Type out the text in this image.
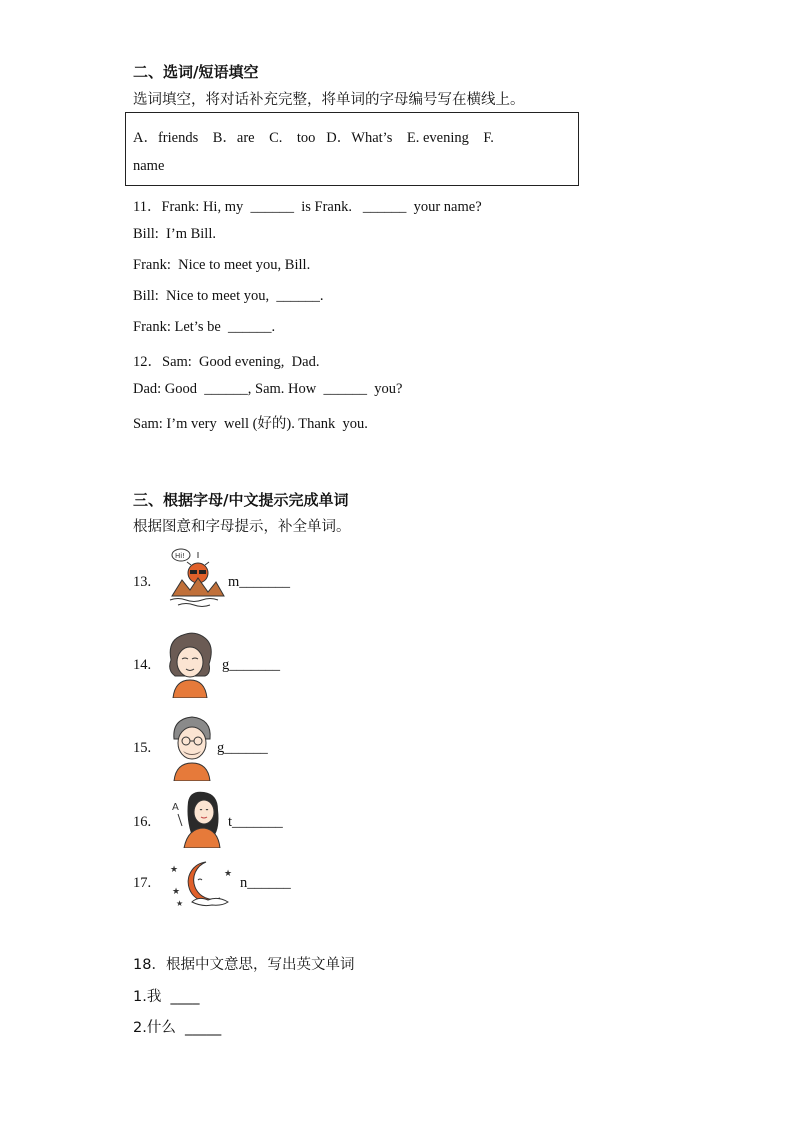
二、选词/短语填空
选词填空，将对话补充完整，将单词的字母编号写在横线上。
A．friends    B．are    C.    too   D．What’s    E. evening    F.
name
11．Frank: Hi, my  ______  is Frank.   ______  your name?
Bill:  I’m Bill.
Frank:  Nice to meet you, Bill.
Bill:  Nice to meet you,  ______.
Frank: Let’s be  ______.
12．Sam:  Good evening,  Dad.
Dad: Good  ______, Sam. How  ______  you?
Sam: I’m very  well (好的). Thank  you.
三、根据字母/中文提示完成单词
根据图意和字母提示，补全单词。
13.
Hi!
m_______
14.	g_______
15.	g______
16.
A
t_______
17.
★
★
★
★
n______
18．根据中文意思，写出英文单词
1.我  ____
2.什么  _____
